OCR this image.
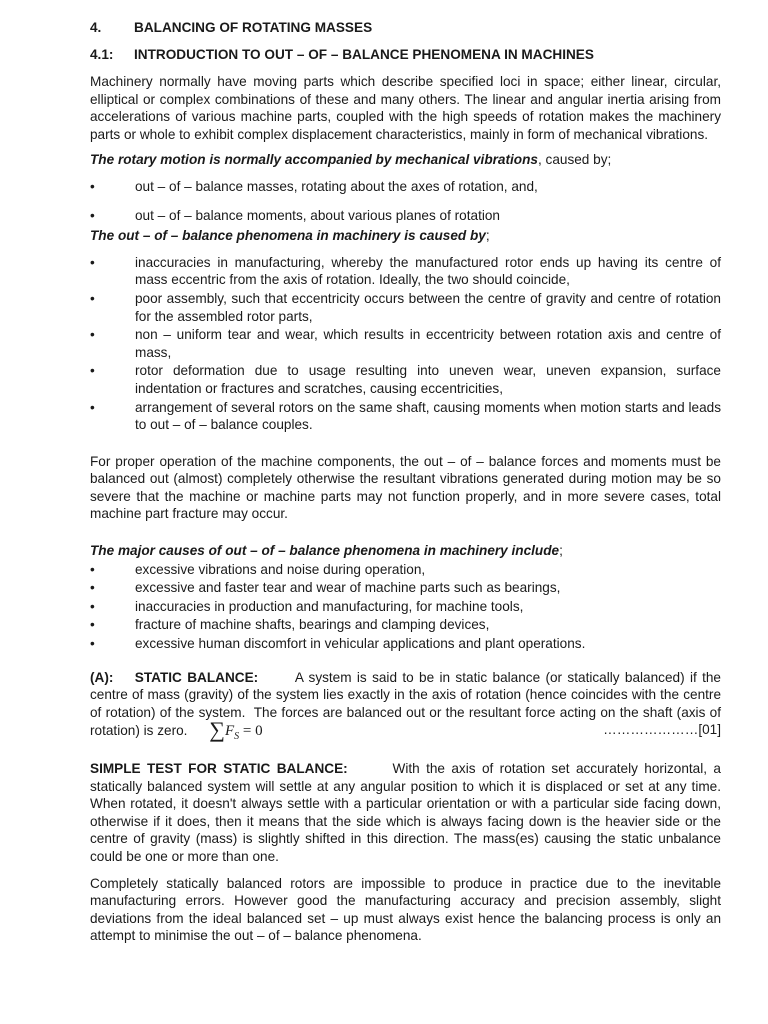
4. BALANCING OF ROTATING MASSES
4.1: INTRODUCTION TO OUT – OF – BALANCE PHENOMENA IN MACHINES

Machinery normally have moving parts which describe specified loci in space; either linear, circular, elliptical or complex combinations of these and many others. The linear and angular inertia arising from accelerations of various machine parts, coupled with the high speeds of rotation makes the machinery parts or whole to exhibit complex displacement characteristics, mainly in form of mechanical vibrations.

The rotary motion is normally accompanied by mechanical vibrations, caused by;

•	out – of – balance masses, rotating about the axes of rotation, and,
•	out – of – balance moments, about various planes of rotation

The out – of – balance phenomena in machinery is caused by;

•	inaccuracies in manufacturing, whereby the manufactured rotor ends up having its centre of mass eccentric from the axis of rotation. Ideally, the two should coincide,
•	poor assembly, such that eccentricity occurs between the centre of gravity and centre of rotation for the assembled rotor parts,
•	non – uniform tear and wear, which results in eccentricity between rotation axis and centre of mass,
•	rotor deformation due to usage resulting into uneven wear, uneven expansion, surface indentation or fractures and scratches, causing eccentricities,
•	arrangement of several rotors on the same shaft, causing moments when motion starts and leads to out – of – balance couples.

For proper operation of the machine components, the out – of – balance forces and moments must be balanced out (almost) completely otherwise the resultant vibrations generated during motion may be so severe that the machine or machine parts may not function properly, and in more severe cases, total machine part fracture may occur.

The major causes of out – of – balance phenomena in machinery include;

•	excessive vibrations and noise during operation,
•	excessive and faster tear and wear of machine parts such as bearings,
•	inaccuracies in production and manufacturing, for machine tools,
•	fracture of machine shafts, bearings and clamping devices,
•	excessive human discomfort in vehicular applications and plant operations.

(A):    STATIC BALANCE:       A system is said to be in static balance (or statically balanced) if the centre of mass (gravity) of the system lies exactly in the axis of rotation (hence coincides with the centre of rotation) of the system.  The forces are balanced out or the resultant force acting on the shaft (axis of rotation) is zero. $\sum F_S = 0$	…………………[01]

SIMPLE TEST FOR STATIC BALANCE:       With the axis of rotation set accurately horizontal, a statically balanced system will settle at any angular position to which it is displaced or set at any time.  When rotated, it doesn't always settle with a particular orientation or with a particular side facing down, otherwise if it does, then it means that the side which is always facing down is the heavier side or the centre of gravity (mass) is slightly shifted in this direction. The mass(es) causing the static unbalance could be one or more than one.

Completely statically balanced rotors are impossible to produce in practice due to the inevitable manufacturing errors. However good the manufacturing accuracy and precision assembly, slight deviations from the ideal balanced set – up must always exist hence the balancing process is only an attempt to minimise the out – of – balance phenomena.
